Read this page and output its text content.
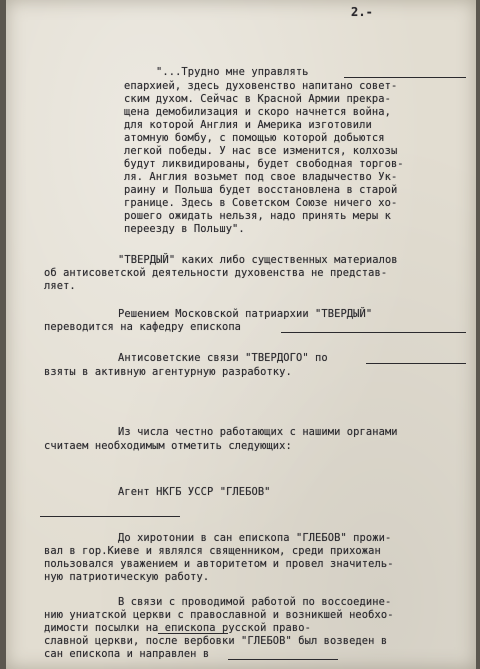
2.-
"...Трудно мне управлять
епархией, здесь духовенство напитано совет-
ским духом. Сейчас в Красной Армии прекра-
щена демобилизация и скоро начнется война,
для которой Англия и Америка изготовили
атомную бомбу, с помощью которой добьются
легкой победы. У нас все изменится, колхозы
будут ликвидированы, будет свободная торгов-
ля. Англия возьмет под свое владычество Ук-
раину и Польша будет восстановлена в старой
границе. Здесь в Советском Союзе ничего хо-
рошего ожидать нельзя, надо принять меры к
переезду в Польшу".
"ТВЕРДЫЙ" каких либо существенных материалов
об антисоветской деятельности духовенства не представ-
ляет.
Решением Московской патриархии "ТВЕРДЫЙ"
переводится на кафедру епископа
Антисоветские связи "ТВЕРДОГО" по
взяты в активную агентурную разработку.
Из числа честно работающих с нашими органами
считаем необходимым отметить следующих:
Агент НКГБ УССР "ГЛЕБОВ"
До хиротонии в сан епископа "ГЛЕБОВ" прожи-
вал в гор.Киеве и являлся священником, среди прихожан
пользовался уважением и авторитетом и провел значитель-
ную патриотическую работу.
В связи с проводимой работой по воссоедине-
нию униатской церкви с православной и возникшей необхо-
димости посылки на епископа русской право-
славной церкви, после вербовки "ГЛЕБОВ" был возведен в
сан епископа и направлен в
